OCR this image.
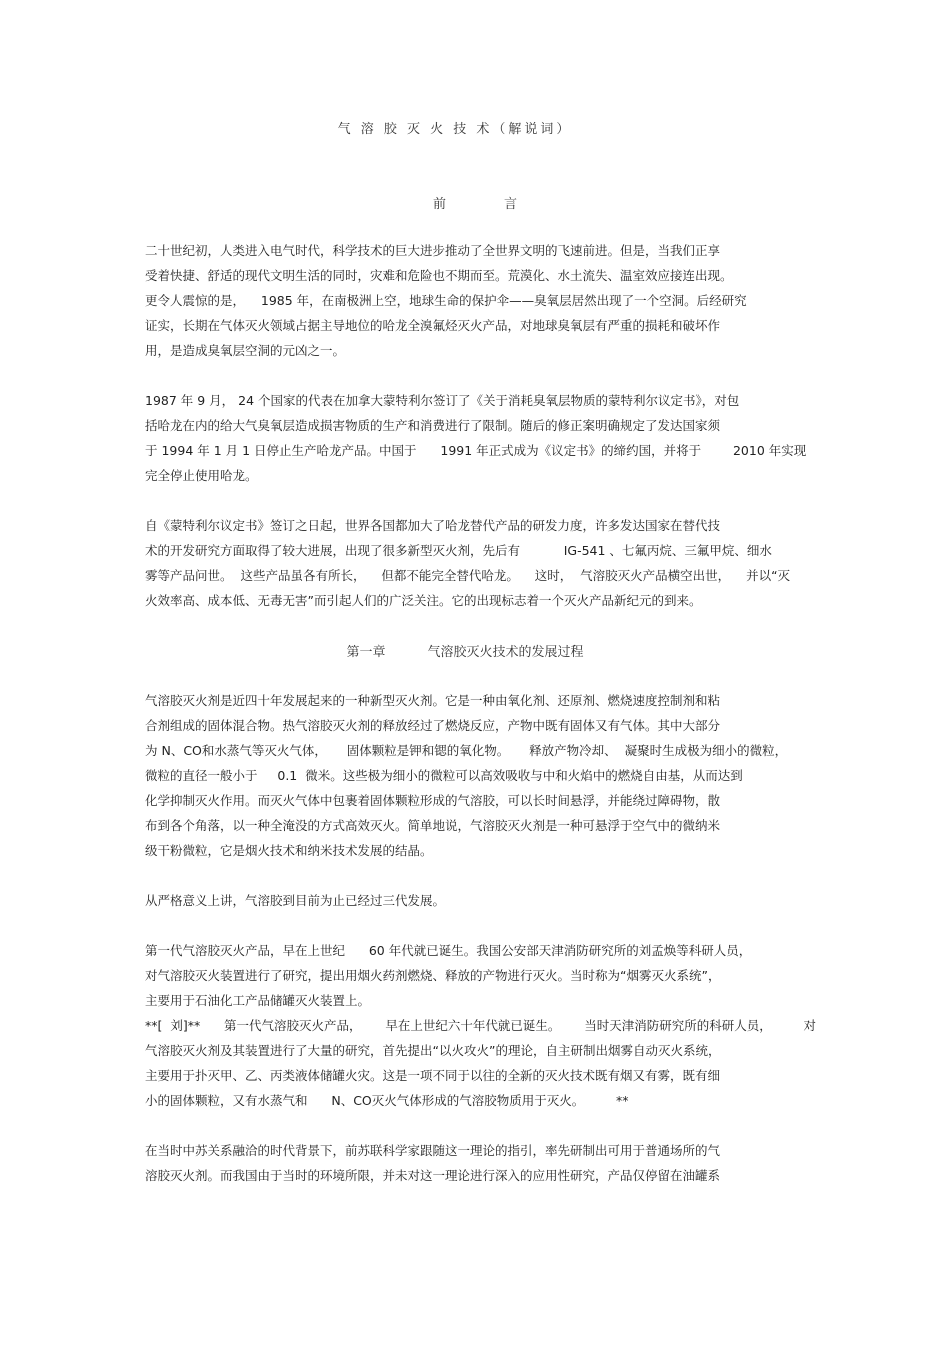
气 溶 胶 灭 火 技 术（解说词）
前	言
二十世纪初，人类进入电气时代，科学技术的巨大进步推动了全世界文明的飞速前进。但是，当我们正享
受着快捷、舒适的现代文明生活的同时，灾难和危险也不期而至。荒漠化、水土流失、温室效应接连出现。
更令人震惊的是，    1985 年，在南极洲上空，地球生命的保护伞——臭氧层居然出现了一个空洞。后经研究
证实，长期在气体灭火领域占据主导地位的哈龙全溴氟烃灭火产品，对地球臭氧层有严重的损耗和破坏作
用，是造成臭氧层空洞的元凶之一。
1987 年 9 月， 24 个国家的代表在加拿大蒙特利尔签订了《关于消耗臭氧层物质的蒙特利尔议定书》，对包
括哈龙在内的给大气臭氧层造成损害物质的生产和消费进行了限制。随后的修正案明确规定了发达国家须
于 1994 年 1 月 1 日停止生产哈龙产品。中国于      1991 年正式成为《议定书》的缔约国，并将于        2010 年实现
完全停止使用哈龙。
自《蒙特利尔议定书》签订之日起，世界各国都加大了哈龙替代产品的研发力度，许多发达国家在替代技
术的开发研究方面取得了较大进展，出现了很多新型灭火剂，先后有           IG-541 、七氟丙烷、三氟甲烷、细水
雾等产品问世。  这些产品虽各有所长，    但都不能完全替代哈龙。    这时，  气溶胶灭火产品横空出世，    并以“灭
火效率高、成本低、无毒无害”而引起人们的广泛关注。它的出现标志着一个灭火产品新纪元的到来。
第一章	气溶胶灭火技术的发展过程
气溶胶灭火剂是近四十年发展起来的一种新型灭火剂。它是一种由氧化剂、还原剂、燃烧速度控制剂和粘
合剂组成的固体混合物。热气溶胶灭火剂的释放经过了燃烧反应，产物中既有固体又有气体。其中大部分
为 N、CO和水蒸气等灭火气体，     固体颗粒是钾和锶的氧化物。     释放产物冷却、  凝聚时生成极为细小的微粒，
微粒的直径一般小于     0.1  微米。这些极为细小的微粒可以高效吸收与中和火焰中的燃烧自由基，从而达到
化学抑制灭火作用。而灭火气体中包裹着固体颗粒形成的气溶胶，可以长时间悬浮，并能绕过障碍物，散
布到各个角落，以一种全淹没的方式高效灭火。简单地说，气溶胶灭火剂是一种可悬浮于空气中的微纳米
级干粉微粒，它是烟火技术和纳米技术发展的结晶。
从严格意义上讲，气溶胶到目前为止已经过三代发展。
第一代气溶胶灭火产品，早在上世纪      60 年代就已诞生。我国公安部天津消防研究所的刘孟焕等科研人员，
对气溶胶灭火装置进行了研究，提出用烟火药剂燃烧、释放的产物进行灭火。当时称为“烟雾灭火系统”，
主要用于石油化工产品储罐灭火装置上。
**[  刘]**      第一代气溶胶灭火产品，      早在上世纪六十年代就已诞生。      当时天津消防研究所的科研人员，        对
气溶胶灭火剂及其装置进行了大量的研究，首先提出“以火攻火”的理论，自主研制出烟雾自动灭火系统，
主要用于扑灭甲、乙、丙类液体储罐火灾。这是一项不同于以往的全新的灭火技术既有烟又有雾，既有细
小的固体颗粒，又有水蒸气和      N、CO灭火气体形成的气溶胶物质用于灭火。        **
在当时中苏关系融洽的时代背景下，前苏联科学家跟随这一理论的指引，率先研制出可用于普通场所的气
溶胶灭火剂。而我国由于当时的环境所限，并未对这一理论进行深入的应用性研究，产品仅停留在油罐系
